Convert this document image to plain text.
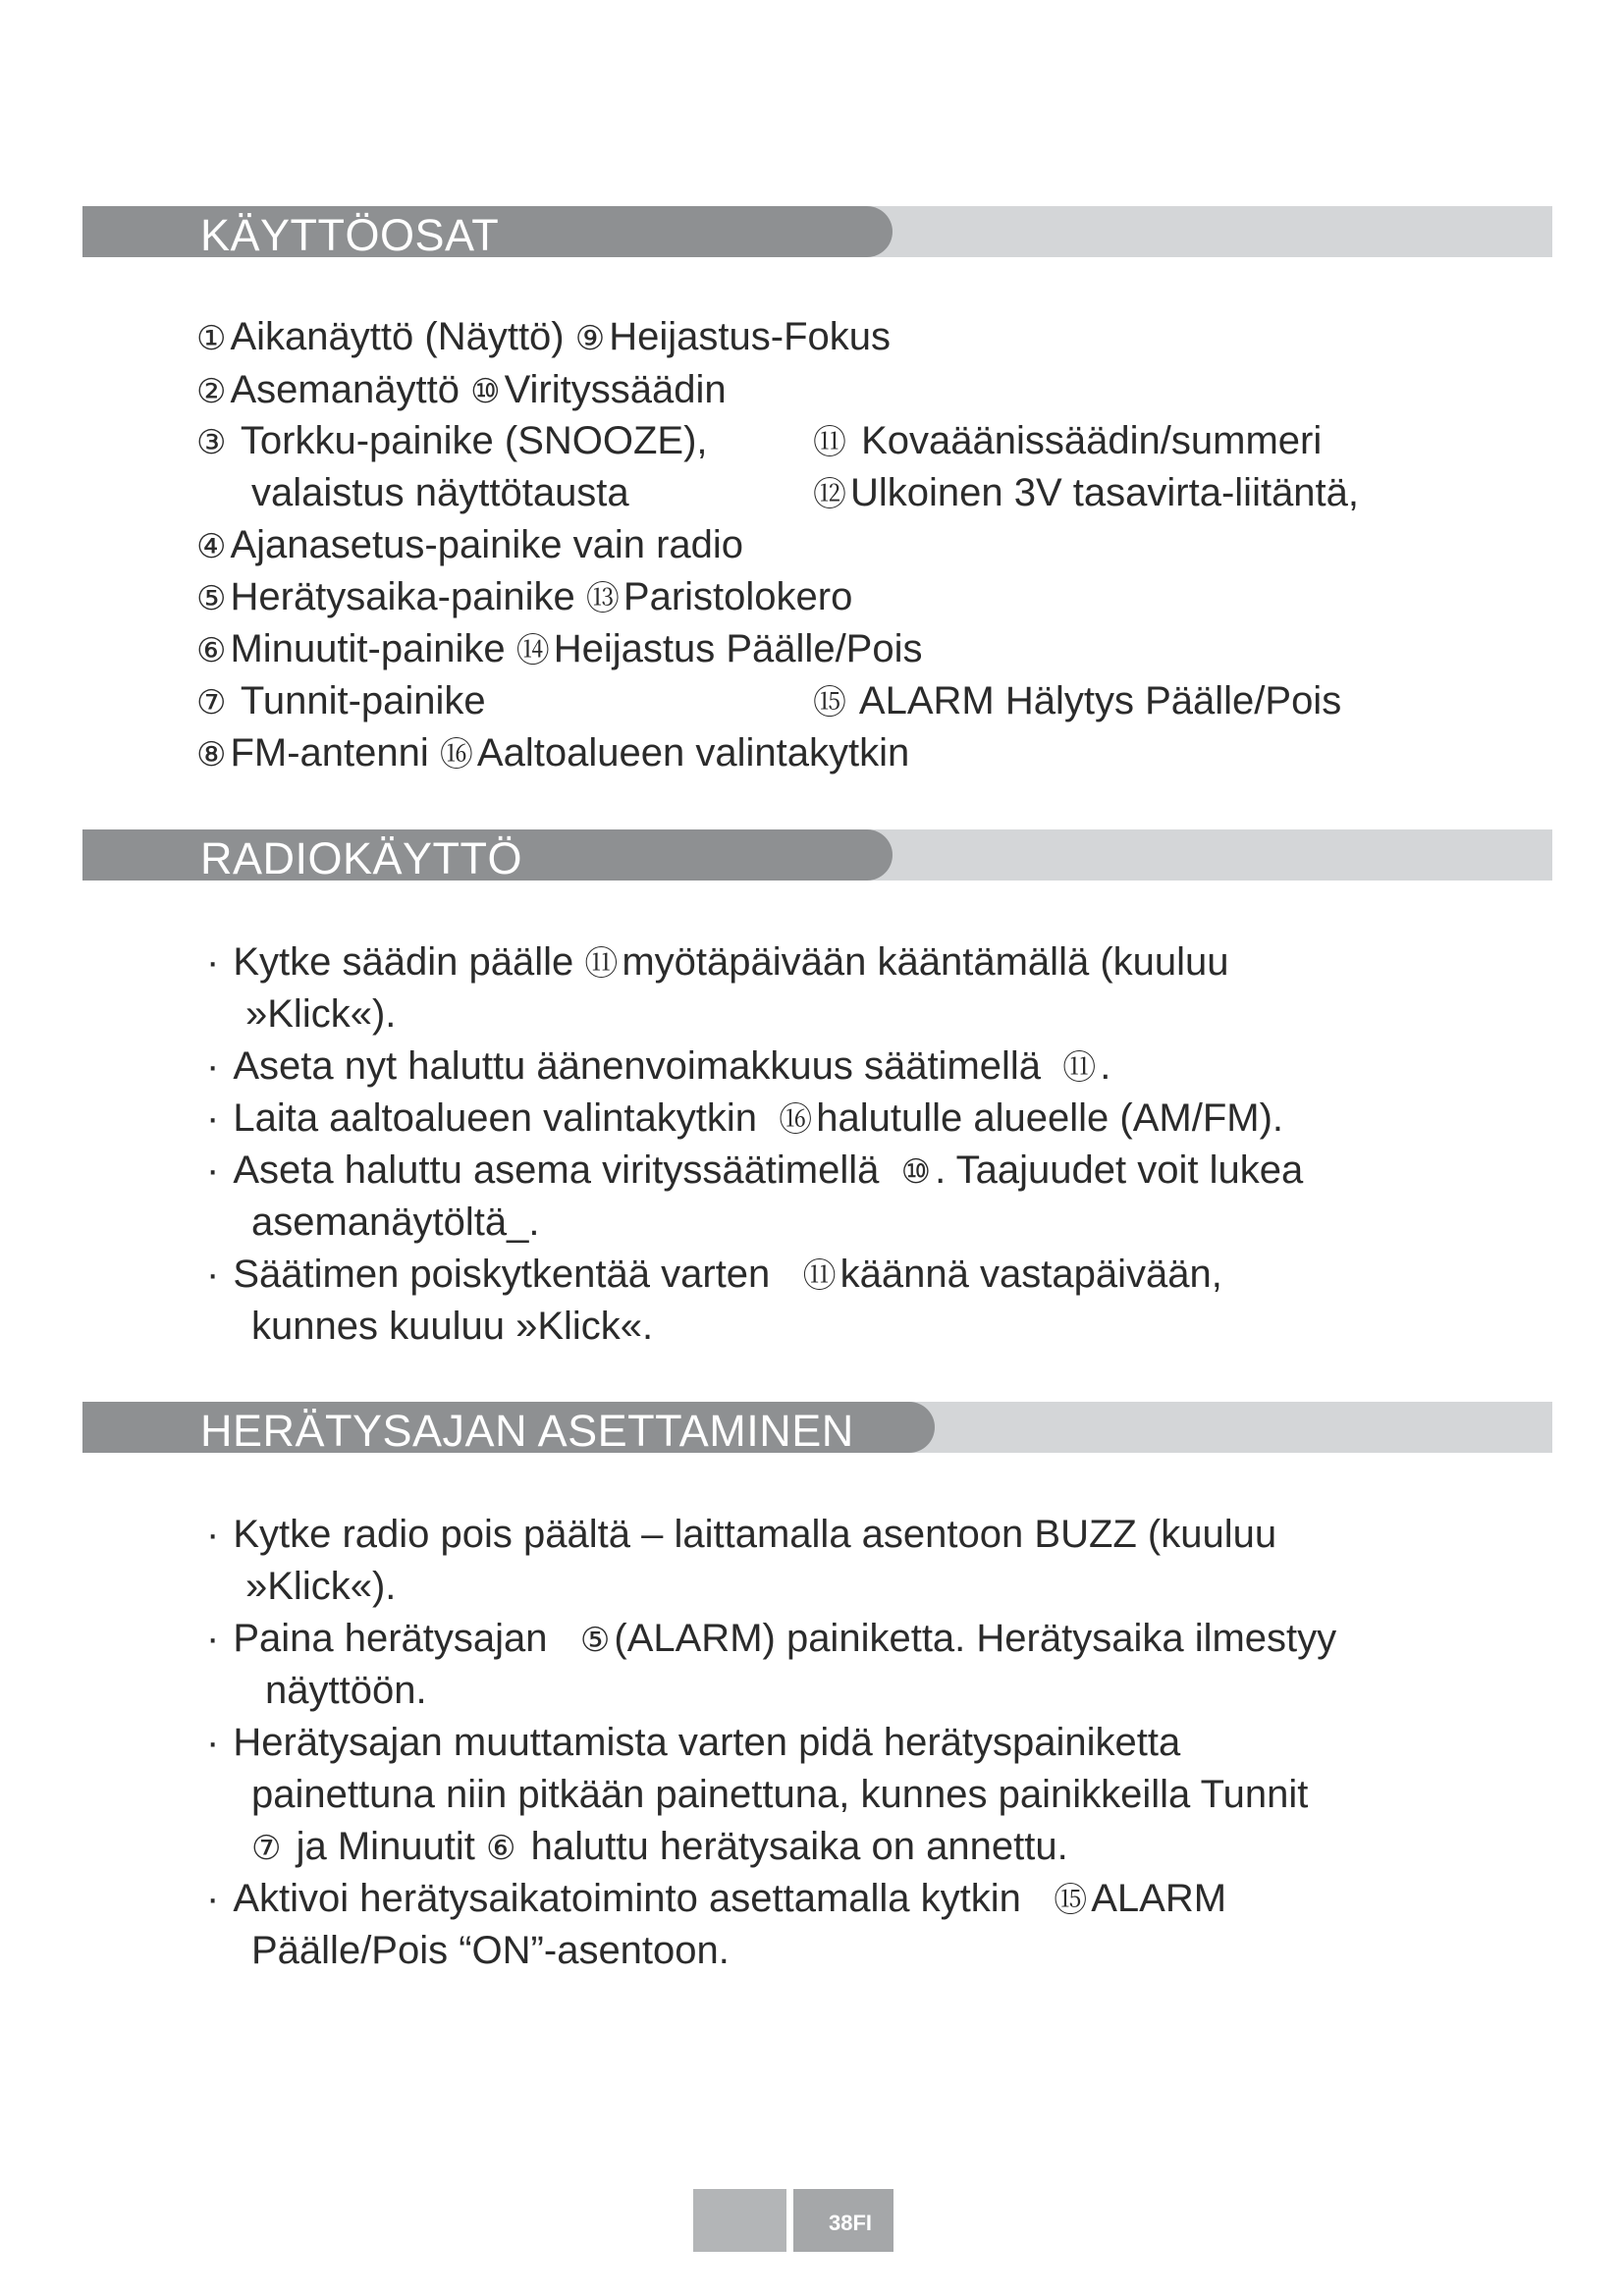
KÄYTTÖOSAT
① Aikanäyttö (Näyttö) ⑨ Heijastus-Fokus
② Asemanäyttö ⑩ Virityssäädin
③ Torkku-painike (SNOOZE),	⑪ Kovaäänissäädin/summeri
valaistus näyttötausta	⑫ Ulkoinen 3V tasavirta-liitäntä,
④ Ajanasetus-painike vain radio
⑤ Herätysaika-painike ⑬ Paristolokero
⑥ Minuutit-painike ⑭ Heijastus Päälle/Pois
⑦ Tunnit-painike	⑮ ALARM Hälytys Päälle/Pois
⑧ FM-antenni ⑯ Aaltoalueen valintakytkin
RADIOKÄYTTÖ
· Kytke säädin päälle ⑪ myötäpäivään kääntämällä (kuuluu
»Klick«).
· Aseta nyt haluttu äänenvoimakkuus säätimellä ⑪ .
· Laita aaltoalueen valintakytkin ⑯ halutulle alueelle (AM/FM).
· Aseta haluttu asema virityssäätimellä ⑩ . Taajuudet voit lukea
asemanäytöltä_.
· Säätimen poiskytkentää varten ⑪ käännä vastapäivään,
kunnes kuuluu »Klick«.
HERÄTYSAJAN ASETTAMINEN
· Kytke radio pois päältä – laittamalla asentoon BUZZ (kuuluu
»Klick«).
· Paina herätysajan ⑤ (ALARM) painiketta. Herätysaika ilmestyy
näyttöön.
· Herätysajan muuttamista varten pidä herätyspainiketta
painettuna niin pitkään painettuna, kunnes painikkeilla Tunnit
⑦ ja Minuutit ⑥ haluttu herätysaika on annettu.
· Aktivoi herätysaikatoiminto asettamalla kytkin ⑮ ALARM
Päälle/Pois “ON”-asentoon.
38FI
